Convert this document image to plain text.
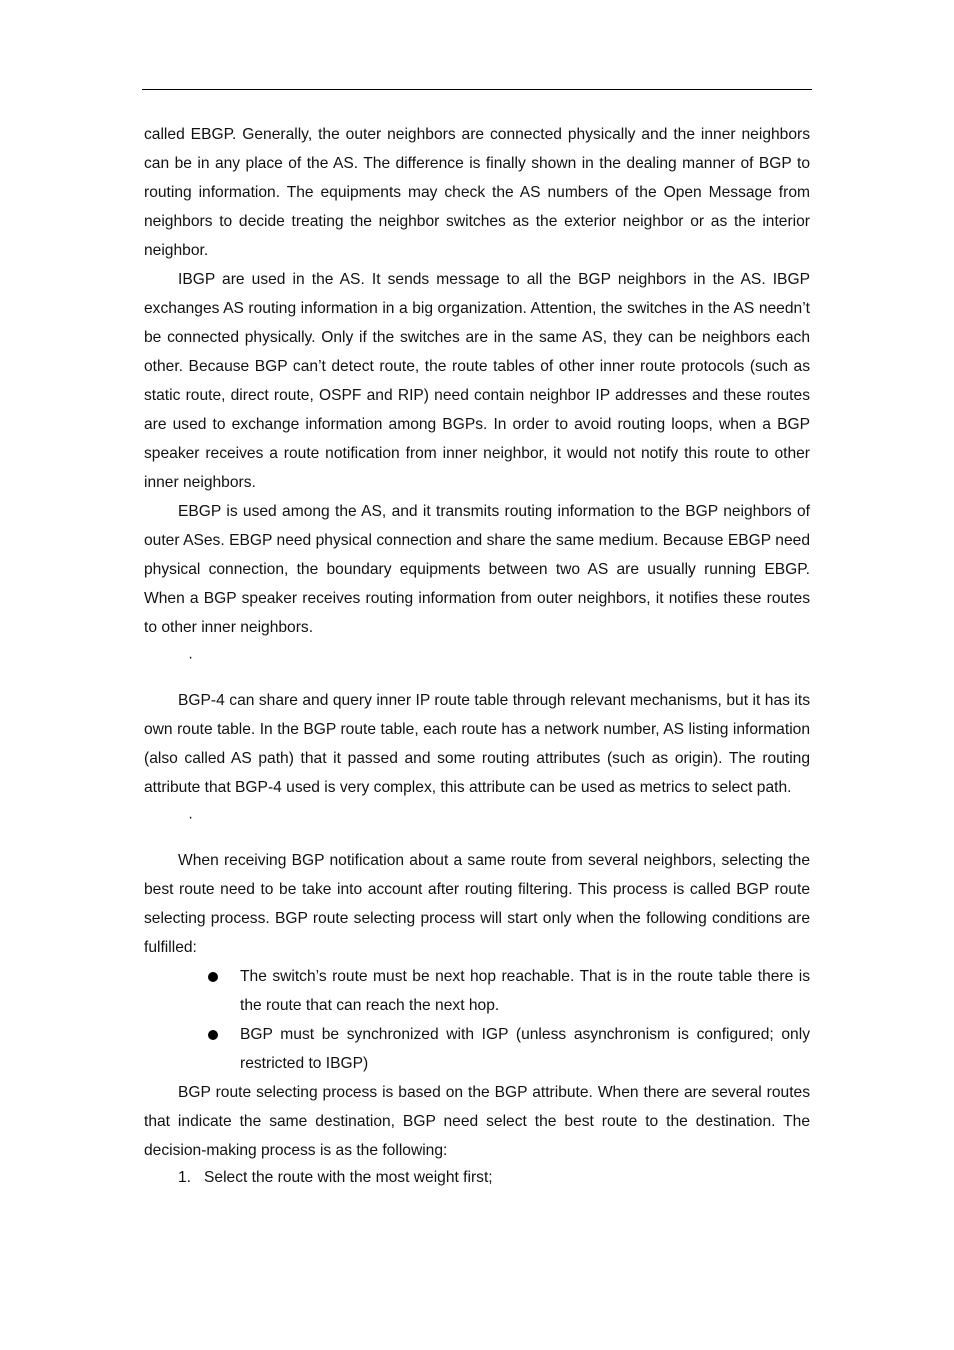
called EBGP. Generally, the outer neighbors are connected physically and the inner neighbors can be in any place of the AS. The difference is finally shown in the dealing manner of BGP to routing information. The equipments may check the AS numbers of the Open Message from neighbors to decide treating the neighbor switches as the exterior neighbor or as the interior neighbor.

IBGP are used in the AS. It sends message to all the BGP neighbors in the AS. IBGP exchanges AS routing information in a big organization. Attention, the switches in the AS needn’t be connected physically. Only if the switches are in the same AS, they can be neighbors each other. Because BGP can’t detect route, the route tables of other inner route protocols (such as static route, direct route, OSPF and RIP) need contain neighbor IP addresses and these routes are used to exchange information among BGPs. In order to avoid routing loops, when a BGP speaker receives a route notification from inner neighbor, it would not notify this route to other inner neighbors.

EBGP is used among the AS, and it transmits routing information to the BGP neighbors of outer ASes. EBGP need physical connection and share the same medium. Because EBGP need physical connection, the boundary equipments between two AS are usually running EBGP. When a BGP speaker receives routing information from outer neighbors, it notifies these routes to other inner neighbors.

·

BGP-4 can share and query inner IP route table through relevant mechanisms, but it has its own route table. In the BGP route table, each route has a network number, AS listing information (also called AS path) that it passed and some routing attributes (such as origin). The routing attribute that BGP-4 used is very complex, this attribute can be used as metrics to select path.

·

When receiving BGP notification about a same route from several neighbors, selecting the best route need to be take into account after routing filtering. This process is called BGP route selecting process. BGP route selecting process will start only when the following conditions are fulfilled:

The switch’s route must be next hop reachable. That is in the route table there is the route that can reach the next hop.
BGP must be synchronized with IGP (unless asynchronism is configured; only restricted to IBGP)

BGP route selecting process is based on the BGP attribute. When there are several routes that indicate the same destination, BGP need select the best route to the destination. The decision-making process is as the following:

1. Select the route with the most weight first;
